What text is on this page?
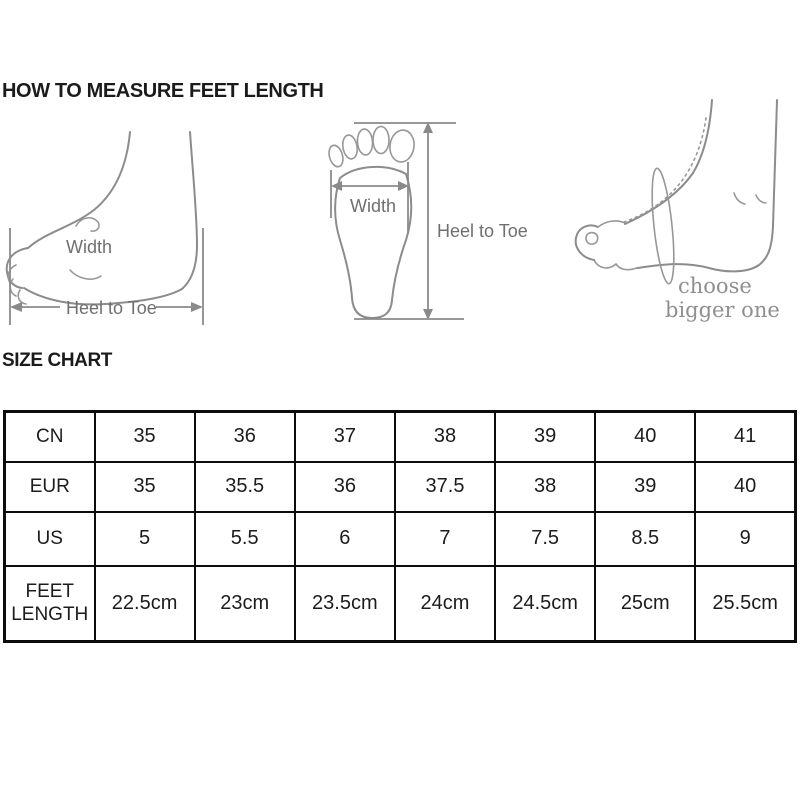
HOW TO MEASURE FEET LENGTH
Heel to Toe
Width
Width
Heel to Toe
choose
bigger one
SIZE CHART
CN	35	36	37	38	39	40	41
EUR	35	35.5	36	37.5	38	39	40
US	5	5.5	6	7	7.5	8.5	9
FEET LENGTH	22.5cm	23cm	23.5cm	24cm	24.5cm	25cm	25.5cm
